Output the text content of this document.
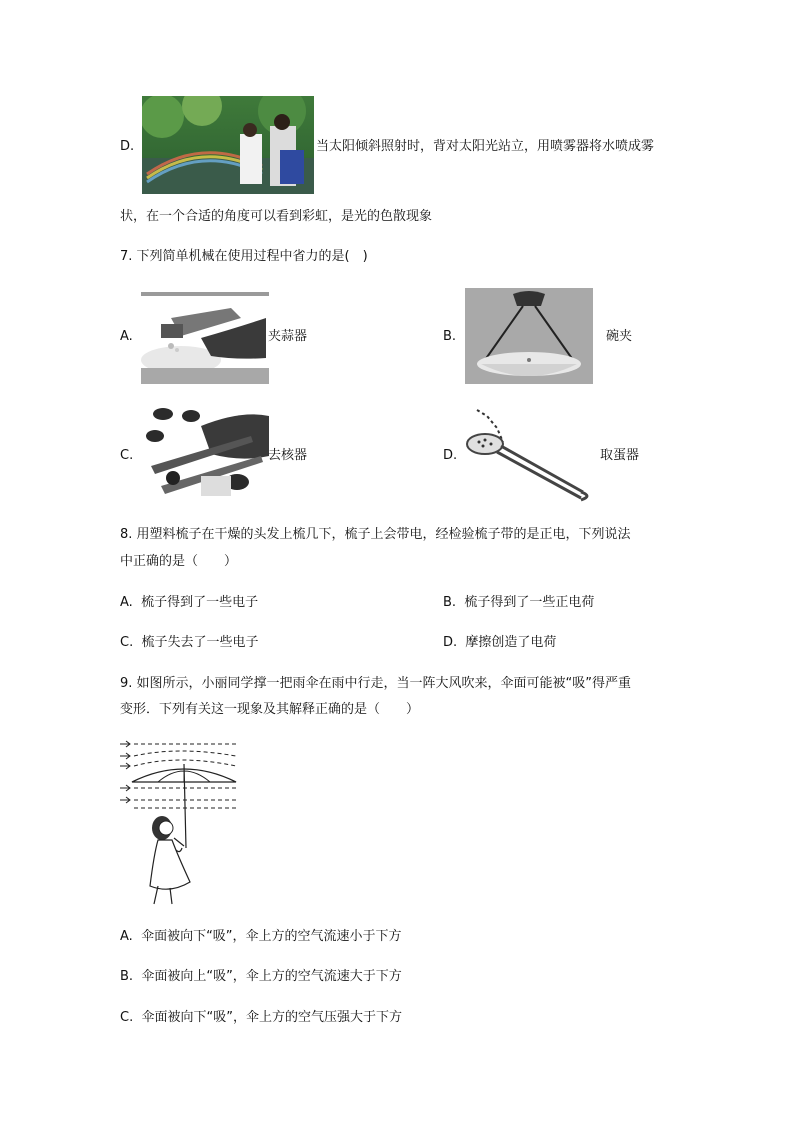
D.	当太阳倾斜照射时，背对太阳光站立，用喷雾器将水喷成雾
状，在一个合适的角度可以看到彩虹，是光的色散现象
7. 下列简单机械在使用过程中省力的是(　)
A.	夹蒜器	B.	碗夹
C.	去核器	D.	取蛋器
8. 用塑料梳子在干燥的头发上梳几下，梳子上会带电，经检验梳子带的是正电，下列说法
中正确的是（　　）
A. 梳子得到了一些电子	B. 梳子得到了一些正电荷
C. 梳子失去了一些电子	D. 摩擦创造了电荷
9. 如图所示，小丽同学撑一把雨伞在雨中行走，当一阵大风吹来，伞面可能被“吸”得严重
变形．下列有关这一现象及其解释正确的是（　　）
A. 伞面被向下“吸”，伞上方的空气流速小于下方
B. 伞面被向上“吸”，伞上方的空气流速大于下方
C. 伞面被向下“吸”，伞上方的空气压强大于下方
